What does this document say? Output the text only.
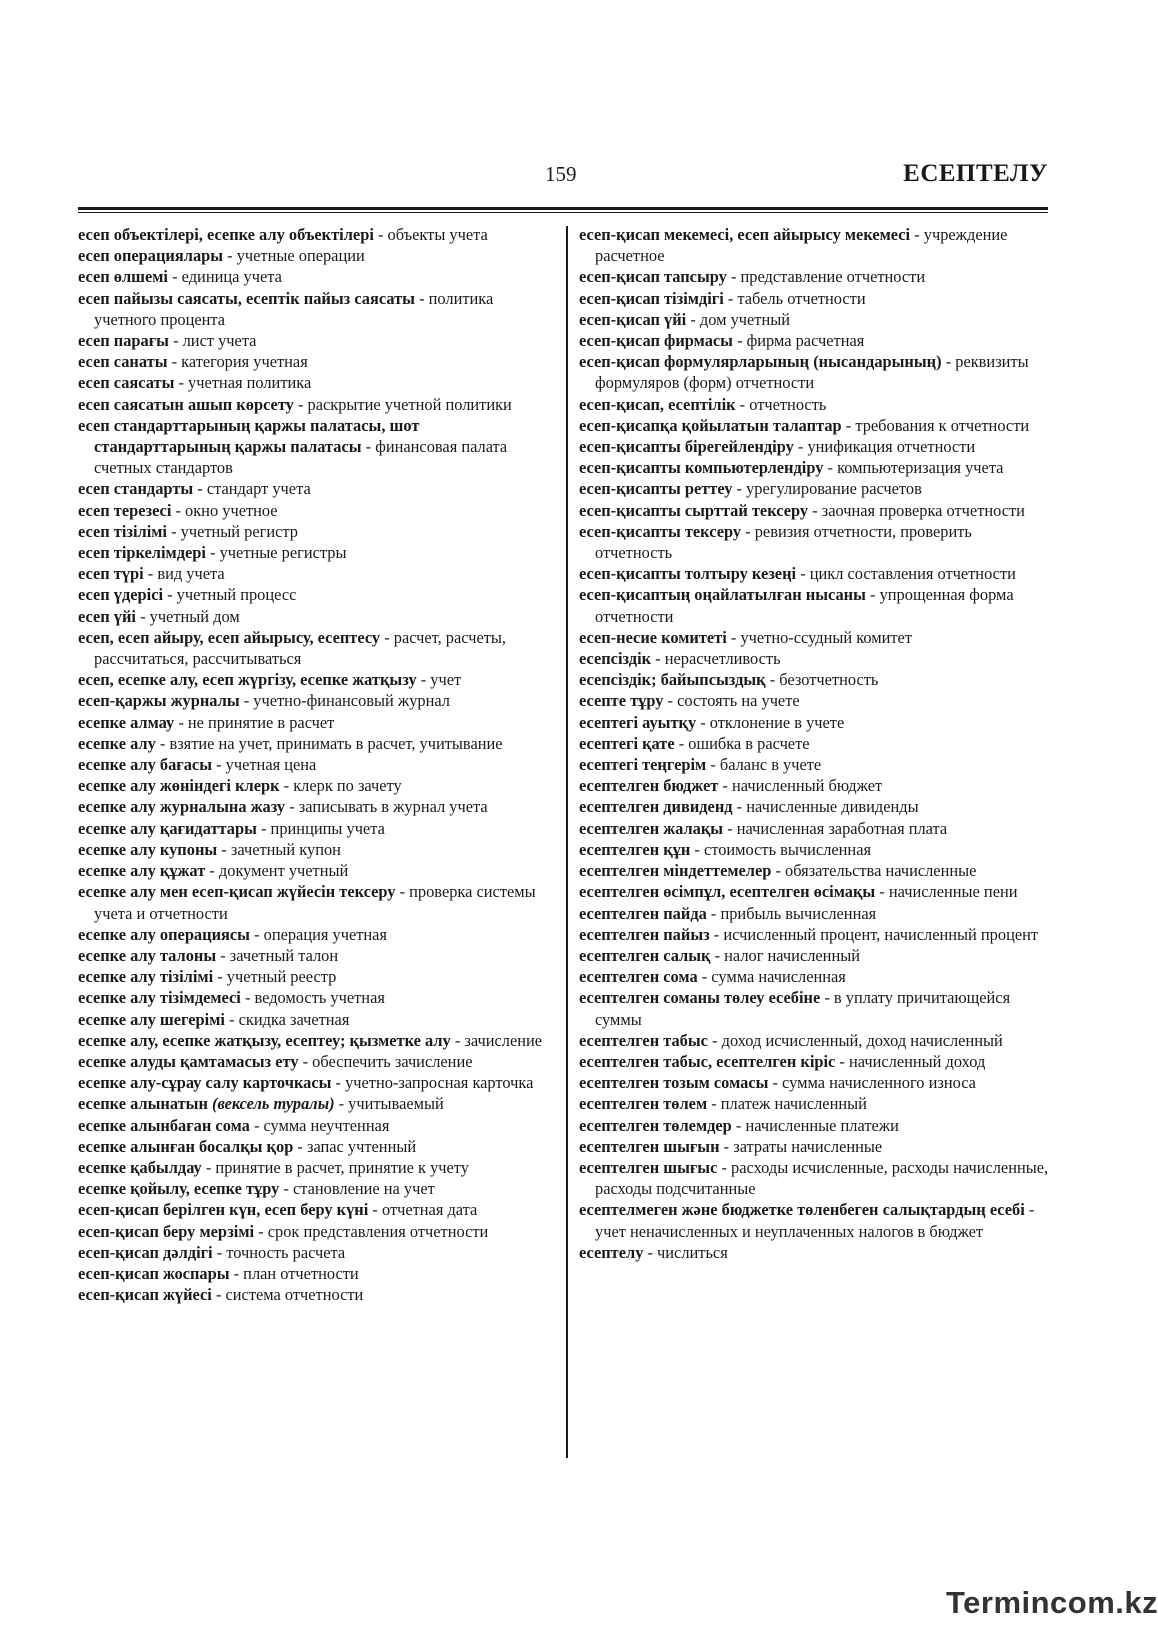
159	ЕСЕПТЕЛУ

есеп объектілері, есепке алу объектілері - объекты учета

есеп операциялары - учетные операции

есеп өлшемі - единица учета

есеп пайызы саясаты, есептік пайыз саясаты - политика учетного процента

есеп парағы - лист учета

есеп санаты - категория учетная

есеп саясаты - учетная политика

есеп саясатын ашып көрсету - раскрытие учетной политики

есеп стандарттарының қаржы палатасы, шот стандарттарының қаржы палатасы - финансовая палата счетных стандартов

есеп стандарты - стандарт учета

есеп терезесі - окно учетное

есеп тізілімі - учетный регистр

есеп тіркелімдері - учетные регистры

есеп түрі - вид учета

есеп үдерісі - учетный процесс

есеп үйі - учетный дом

есеп, есеп айыру, есеп айырысу, есептесу - расчет, расчеты, рассчитаться, рассчитываться

есеп, есепке алу, есеп жүргізу, есепке жатқызу - учет

есеп-қаржы журналы - учетно-финансовый журнал

есепке алмау - не принятие в расчет

есепке алу - взятие на учет, принимать в расчет, учитывание

есепке алу бағасы - учетная цена

есепке алу жөніндегі клерк - клерк по зачету

есепке алу журналына жазу - записывать в журнал учета

есепке алу қағидаттары - принципы учета

есепке алу купоны - зачетный купон

есепке алу құжат - документ учетный

есепке алу мен есеп-қисап жүйесін тексеру - проверка системы учета и отчетности

есепке алу операциясы - операция учетная

есепке алу талоны - зачетный талон

есепке алу тізілімі - учетный реестр

есепке алу тізімдемесі - ведомость учетная

есепке алу шегерімі - скидка зачетная

есепке алу, есепке жатқызу, есептеу; қызметке алу - зачисление

есепке алуды қамтамасыз ету - обеспечить зачисление

есепке алу-сұрау салу карточкасы - учетно-запросная карточка

есепке алынатын (вексель туралы) - учитываемый

есепке алынбаған сома - сумма неучтенная

есепке алынған босалқы қор - запас учтенный

есепке қабылдау - принятие в расчет, принятие к учету

есепке қойылу, есепке тұру - становление на учет

есеп-қисап берілген күн, есеп беру күні - отчетная дата

есеп-қисап беру мерзімі - срок представления отчетности

есеп-қисап дәлдігі - точность расчета

есеп-қисап жоспары - план отчетности

есеп-қисап жүйесі - система отчетности

есеп-қисап мекемесі, есеп айырысу мекемесі - учреждение расчетное

есеп-қисап тапсыру - представление отчетности

есеп-қисап тізімдігі - табель отчетности

есеп-қисап үйі - дом учетный

есеп-қисап фирмасы - фирма расчетная

есеп-қисап формулярларының (нысандарының) - реквизиты формуляров (форм) отчетности

есеп-қисап, есептілік - отчетность

есеп-қисапқа қойылатын талаптар - требования к отчетности

есеп-қисапты бірегейлендіру - унификация отчетности

есеп-қисапты компьютерлендіру - компьютеризация учета

есеп-қисапты реттеу - урегулирование расчетов

есеп-қисапты сырттай тексеру - заочная проверка отчетности

есеп-қисапты тексеру - ревизия отчетности, проверить отчетность

есеп-қисапты толтыру кезеңі - цикл составления отчетности

есеп-қисаптың оңайлатылған нысаны - упрощенная форма отчетности

есеп-несие комитеті - учетно-ссудный комитет

есепсіздік - нерасчетливость

есепсіздік; байыпсыздық - безотчетность

есепте тұру - состоять на учете

есептегі ауытқу - отклонение в учете

есептегі қате - ошибка в расчете

есептегі теңгерім - баланс в учете

есептелген бюджет - начисленный бюджет

есептелген дивиденд - начисленные дивиденды

есептелген жалақы - начисленная заработная плата

есептелген құн - стоимость вычисленная

есептелген міндеттемелер - обязательства начисленные

есептелген өсімпұл, есептелген өсімақы - начисленные пени

есептелген пайда - прибыль вычисленная

есептелген пайыз - исчисленный процент, начисленный процент

есептелген салық - налог начисленный

есептелген сома - сумма начисленная

есептелген соманы төлеу есебіне - в уплату причитающейся суммы

есептелген табыс - доход исчисленный, доход начисленный

есептелген табыс, есептелген кіріс - начисленный доход

есептелген тозым сомасы - сумма начисленного износа

есептелген төлем - платеж начисленный

есептелген төлемдер - начисленные платежи

есептелген шығын - затраты начисленные

есептелген шығыс - расходы исчисленные, расходы начисленные, расходы подсчитанные

есептелмеген және бюджетке төленбеген салықтардың есебі - учет неначисленных и неуплаченных налогов в бюджет

есептелу - числиться

Termincom.kz
